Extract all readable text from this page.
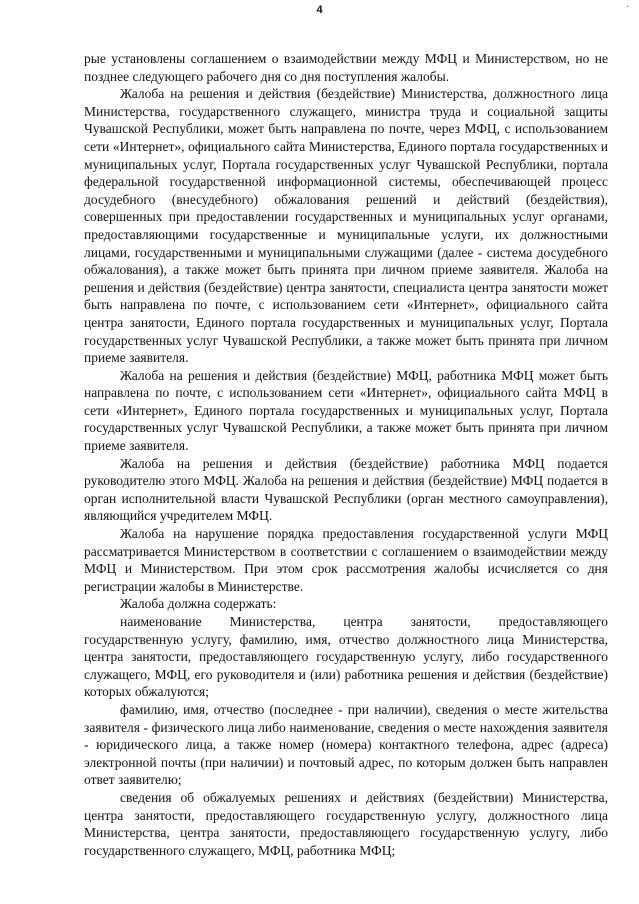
4	·

рые установлены соглашением о взаимодействии между МФЦ и Министерством, но не позднее следующего рабочего дня со дня поступления жалобы.

Жалоба на решения и действия (бездействие) Министерства, должностного лица Министерства, государственного служащего, министра труда и социальной защиты Чувашской Республики, может быть направлена по почте, через МФЦ, с использованием сети «Интернет», официального сайта Министерства, Единого портала государственных и муниципальных услуг, Портала государственных услуг Чувашской Республики, портала федеральной государственной информационной системы, обеспечивающей процесс досудебного (внесудебного) обжалования решений и действий (бездействия), совершенных при предоставлении государственных и муниципальных услуг органами, предоставляющими государственные и муниципальные услуги, их должностными лицами, государственными и муниципальными служащими (далее - система досудебного обжалования), а также может быть принята при личном приеме заявителя. Жалоба на решения и действия (бездействие) центра занятости, специалиста центра занятости может быть направлена по почте, с использованием сети «Интернет», официального сайта центра занятости, Единого портала государственных и муниципальных услуг, Портала государственных услуг Чувашской Республики, а также может быть принята при личном приеме заявителя.

Жалоба на решения и действия (бездействие) МФЦ, работника МФЦ может быть направлена по почте, с использованием сети «Интернет», официального сайта МФЦ в сети «Интернет», Единого портала государственных и муниципальных услуг, Портала государственных услуг Чувашской Республики, а также может быть принята при личном приеме заявителя.

Жалоба на решения и действия (бездействие) работника МФЦ подается руководителю этого МФЦ. Жалоба на решения и действия (бездействие) МФЦ подается в орган исполнительной власти Чувашской Республики (орган местного самоуправления), являющийся учредителем МФЦ.

Жалоба на нарушение порядка предоставления государственной услуги МФЦ рассматривается Министерством в соответствии с соглашением о взаимодействии между МФЦ и Министерством. При этом срок рассмотрения жалобы исчисляется со дня регистрации жалобы в Министерстве.

Жалоба должна содержать:

наименование Министерства, центра занятости, предоставляющего государственную услугу, фамилию, имя, отчество должностного лица Министерства, центра занятости, предоставляющего государственную услугу, либо государственного служащего, МФЦ, его руководителя и (или) работника решения и действия (бездействие) которых обжалуются;

фамилию, имя, отчество (последнее - при наличии), сведения о месте жительства заявителя - физического лица либо наименование, сведения о месте нахождения заявителя - юридического лица, а также номер (номера) контактного телефона, адрес (адреса) электронной почты (при наличии) и почтовый адрес, по которым должен быть направлен ответ заявителю;

сведения об обжалуемых решениях и действиях (бездействии) Министерства, центра занятости, предоставляющего государственную услугу, должностного лица Министерства, центра занятости, предоставляющего государственную услугу, либо государственного служащего, МФЦ, работника МФЦ;
